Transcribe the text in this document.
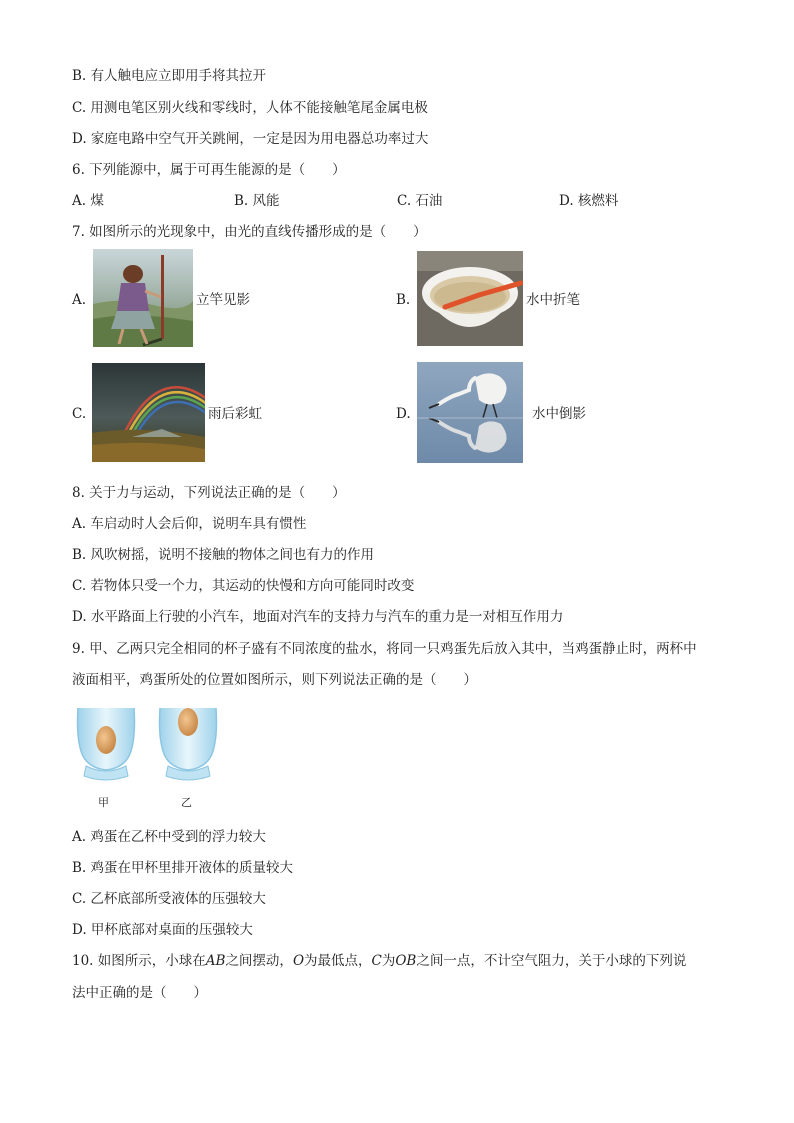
B. 有人触电应立即用手将其拉开
C. 用测电笔区别火线和零线时，人体不能接触笔尾金属电极
D. 家庭电路中空气开关跳闸，一定是因为用电器总功率过大
6. 下列能源中，属于可再生能源的是（　　）
A. 煤	B. 风能	C. 石油	D. 核燃料
7. 如图所示的光现象中，由光的直线传播形成的是（　　）
A.	立竿见影	B.	水中折笔
C.	雨后彩虹	D.	水中倒影
8. 关于力与运动，下列说法正确的是（　　）
A. 车启动时人会后仰，说明车具有惯性
B. 风吹树摇，说明不接触的物体之间也有力的作用
C. 若物体只受一个力，其运动的快慢和方向可能同时改变
D. 水平路面上行驶的小汽车，地面对汽车的支持力与汽车的重力是一对相互作用力
9. 甲、乙两只完全相同的杯子盛有不同浓度的盐水，将同一只鸡蛋先后放入其中，当鸡蛋静止时，两杯中
液面相平，鸡蛋所处的位置如图所示，则下列说法正确的是（　　）
甲	乙
A. 鸡蛋在乙杯中受到的浮力较大
B. 鸡蛋在甲杯里排开液体的质量较大
C. 乙杯底部所受液体的压强较大
D. 甲杯底部对桌面的压强较大
10. 如图所示，小球在AB之间摆动，O为最低点，C为OB之间一点，不计空气阻力，关于小球的下列说
法中正确的是（　　）
